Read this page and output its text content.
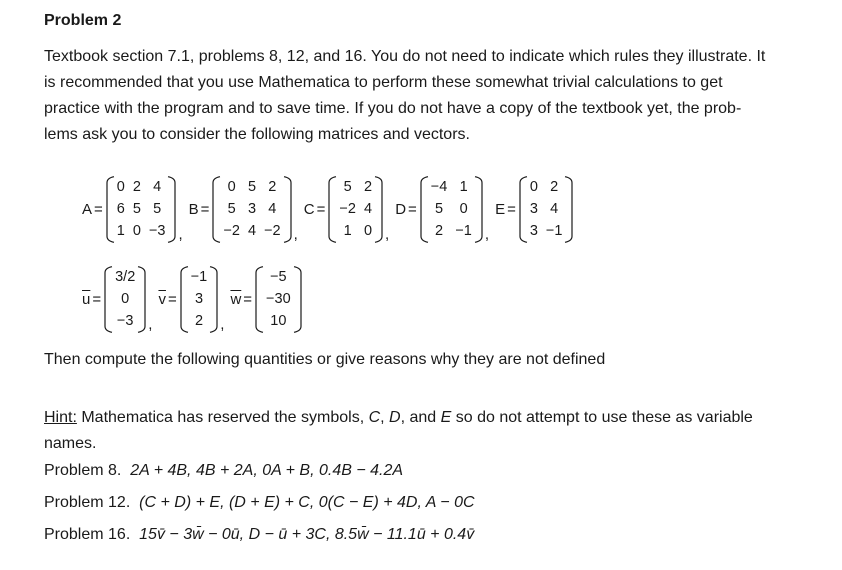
Problem 2
Textbook section 7.1, problems 8, 12, and 16. You do not need to indicate which rules they illustrate. It
is recommended that you use Mathematica to perform these somewhat trivial calculations to get
practice with the program and to save time. If you do not have a copy of the textbook yet, the prob-
lems ask you to consider the following matrices and vectors.
A =
0 2 4
6 5 5
1 0 −3 ,
B =
0 5 2
5 3 4
−2 4 −2 ,
C =
5 2
−2 4
1 0 ,
D =
−4 1
5 0
2 −1 ,
E =
0 2
3 4
3 −1
$\overline{u}$ =
3/2
0
−3 ,
$\overline{v}$ =
−1
3
2 ,
$\overline{w}$ =
−5
−30
10
Then compute the following quantities or give reasons why they are not defined
Hint: Mathematica has reserved the symbols, C, D, and E so do not attempt to use these as variable
names.
Problem 8. 2A + 4B, 4B + 2A, 0A + B, 0.4B − 4.2A
Problem 12. (C + D) + E, (D + E) + C, 0(C − E) + 4D, A − 0C
Problem 16. 15v̄ − 3w̄ − 0ū, D − ū + 3C, 8.5w̄ − 11.1ū + 0.4v̄
